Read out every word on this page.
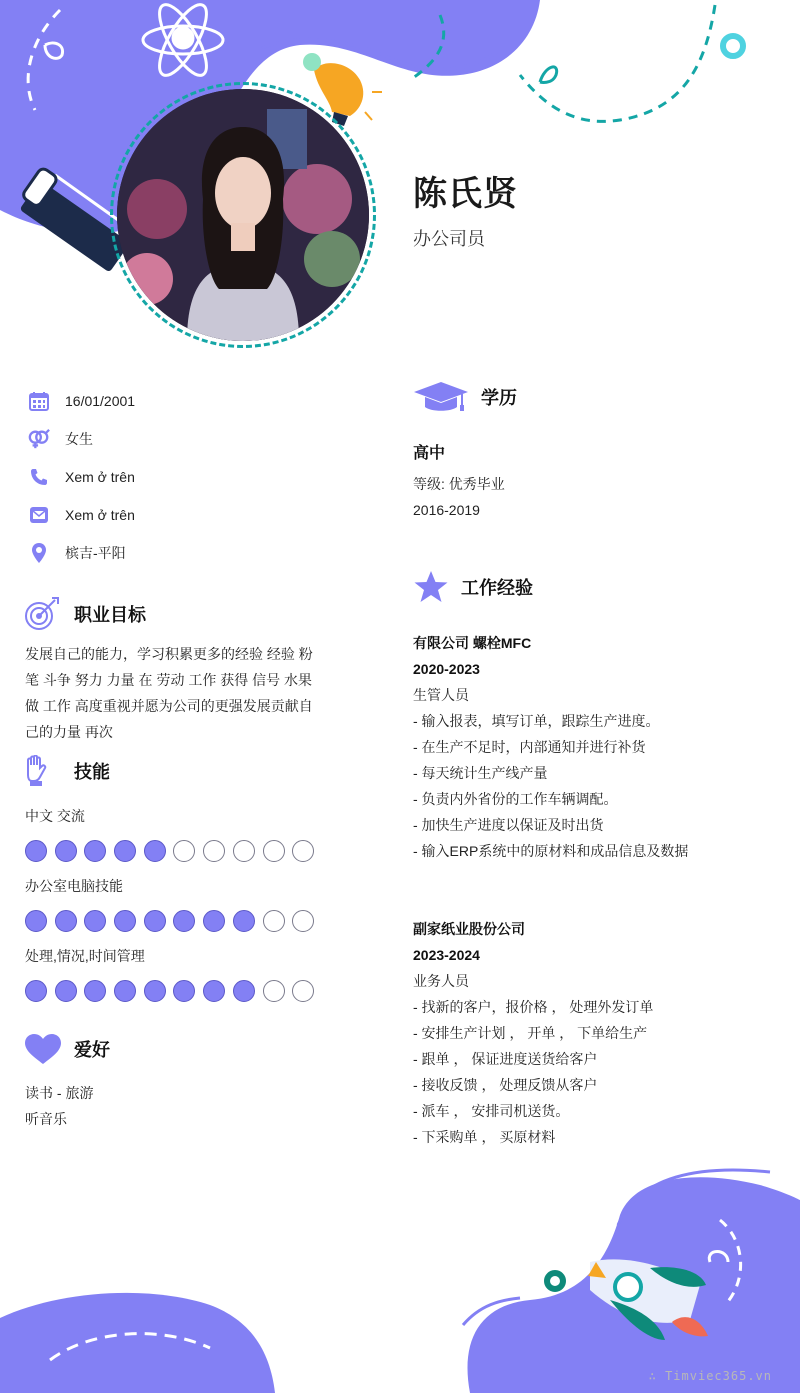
陈氏贤
办公司员
16/01/2001
女生
Xem ở trên
Xem ở trên
槟吉-平阳
职业目标
发展自己的能力，学习积累更多的经验 经验 粉笔 斗争 努力 力量 在 劳动 工作 获得 信号 水果 做 工作 高度重视并愿为公司的更强发展贡献自己的力量 再次
技能
中文 交流
办公室电脑技能
处理,情况,时间管理
爱好
读书 - 旅游
听音乐
学历
高中
等级: 优秀毕业
2016-2019
工作经验
有限公司 螺栓MFC
2020-2023
生管人员
- 输入报表，填写订单，跟踪生产进度。
- 在生产不足时，内部通知并进行补货
- 每天统计生产线产量
- 负责内外省份的工作车辆调配。
- 加快生产进度以保证及时出货
- 输入ERP系统中的原材料和成品信息及数据
副家纸业股份公司
2023-2024
业务人员
- 找新的客户，报价格 ， 处理外发订单
- 安排生产计划 ， 开单 ， 下单给生产
- 跟单 ， 保证进度送货给客户
- 接收反馈 ， 处理反馈从客户
- 派车 ， 安排司机送货。
- 下采购单 ， 买原材料
∴ Timviec365.vn
